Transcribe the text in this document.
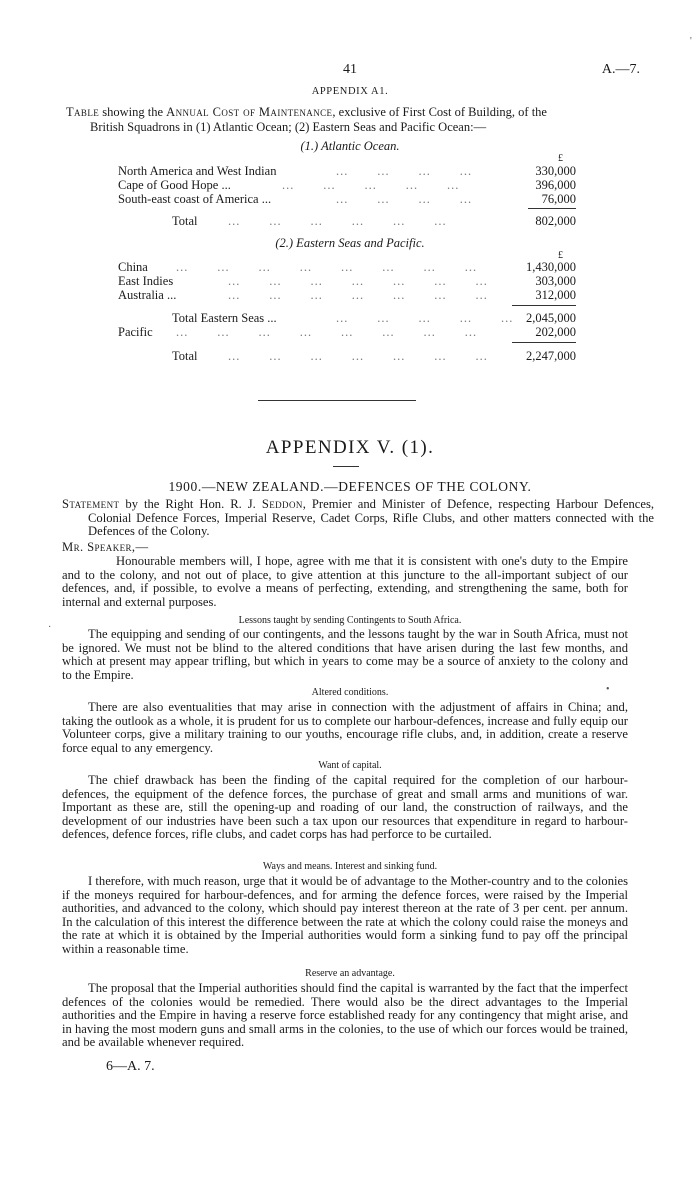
41	A.—7.
APPENDIX A1.
Table showing the Annual Cost of Maintenance, exclusive of First Cost of Building, of the
British Squadrons in (1) Atlantic Ocean; (2) Eastern Seas and Pacific Ocean:—
(1.) Atlantic Ocean.
£
North America and West Indian	...       ...       ...       ...	330,000
Cape of Good Hope ...	...       ...       ...       ...       ...	396,000
South-east coast of America ...	...       ...       ...       ...	76,000
Total ...       ...       ...       ...       ...       ...	802,000
(2.) Eastern Seas and Pacific.
£
China ...       ...       ...       ...       ...       ...       ...       ...	1,430,000
East Indies	...       ...       ...       ...       ...       ...       ...	303,000
Australia ...	...       ...       ...       ...       ...       ...       ...	312,000
Total Eastern Seas ...	...       ...       ...       ...       ... 2,045,000
Pacific ...       ...       ...       ...       ...       ...       ...       ...	202,000
Total ...       ...       ...       ...       ...       ...       ...	2,247,000
APPENDIX V. (1).
1900.—NEW ZEALAND.—DEFENCES OF THE COLONY.

Statement by the Right Hon. R. J. Seddon, Premier and Minister of Defence, respecting Harbour Defences, Colonial Defence Forces, Imperial Reserve, Cadet Corps, Rifle Clubs, and other matters connected with the Defences of the Colony.

Mr. Speaker,—

Honourable members will, I hope, agree with me that it is consistent with one's duty to the Empire and to the colony, and not out of place, to give attention at this juncture to the all-important subject of our defences, and, if possible, to evolve a means of perfecting, extending, and strengthening the same, both for internal and external purposes.

Lessons taught by sending Contingents to South Africa.

The equipping and sending of our contingents, and the lessons taught by the war in South Africa, must not be ignored. We must not be blind to the altered conditions that have arisen during the last few months, and which at present may appear trifling, but which in years to come may be a source of anxiety to the colony and to the Empire.

Altered conditions.

There are also eventualities that may arise in connection with the adjustment of affairs in China; and, taking the outlook as a whole, it is prudent for us to complete our harbour-defences, increase and fully equip our Volunteer corps, give a military training to our youths, encourage rifle clubs, and, in addition, create a reserve force equal to any emergency.

Want of capital.

The chief drawback has been the finding of the capital required for the completion of our harbour-defences, the equipment of the defence forces, the purchase of great and small arms and munitions of war. Important as these are, still the opening-up and roading of our land, the construction of railways, and the development of our industries have been such a tax upon our resources that expenditure in regard to harbour-defences, defence forces, rifle clubs, and cadet corps has had perforce to be curtailed.

Ways and means. Interest and sinking fund.

I therefore, with much reason, urge that it would be of advantage to the Mother-country and to the colonies if the moneys required for harbour-defences, and for arming the defence forces, were raised by the Imperial authorities, and advanced to the colony, which should pay interest thereon at the rate of 3 per cent. per annum. In the calculation of this interest the difference between the rate at which the colony could raise the moneys and the rate at which it is obtained by the Imperial authorities would form a sinking fund to pay off the principal within a reasonable time.

Reserve an advantage.

The proposal that the Imperial authorities should find the capital is warranted by the fact that the imperfect defences of the colonies would be remedied. There would also be the direct advantages to the Imperial authorities and the Empire in having a reserve force established ready for any contingency that might arise, and in having the most modern guns and small arms in the colonies, to the use of which our forces would be trained, and be available whenever required.

6—A. 7.
'
·
•
